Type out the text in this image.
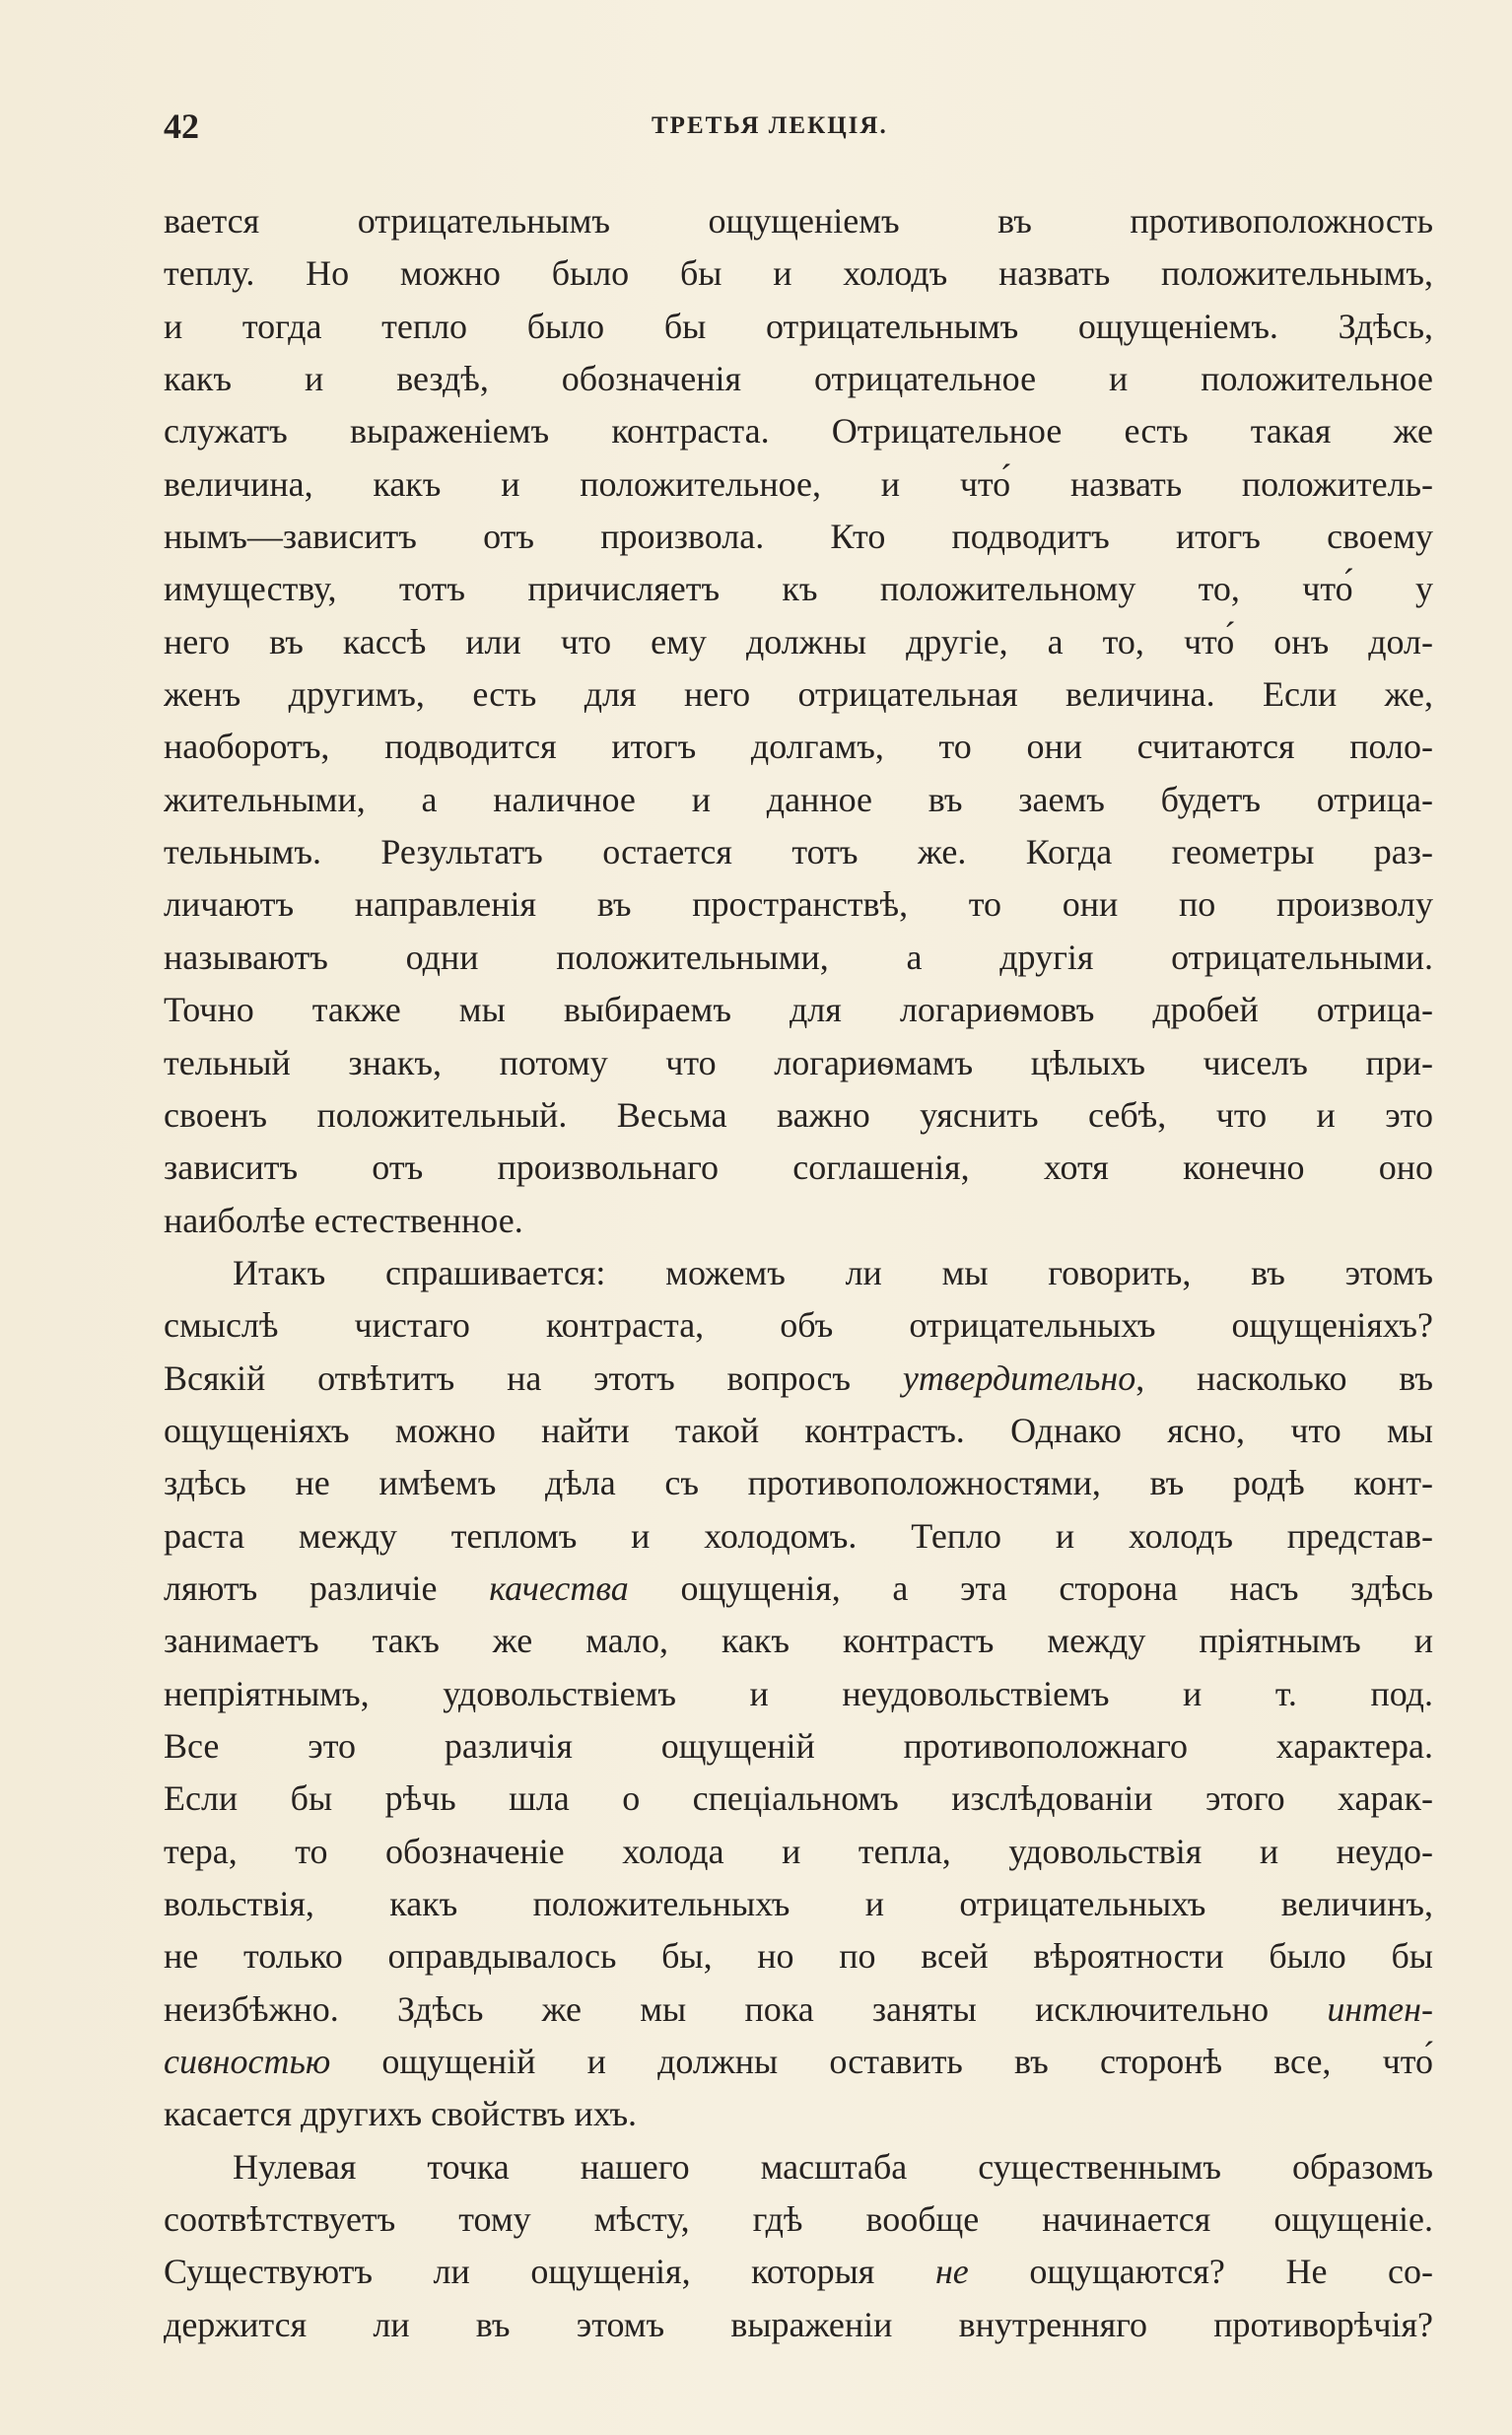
42	ТРЕТЬЯ ЛЕКЦІЯ.
вается отрицательнымъ ощущеніемъ въ противоположность
теплу. Но можно было бы и холодъ назвать положительнымъ,
и тогда тепло было бы отрицательнымъ ощущеніемъ. Здѣсь,
какъ и вездѣ, обозначенія отрицательное и положительное
служатъ выраженіемъ контраста. Отрицательное есть такая же
величина, какъ и положительное, и что́ назвать положитель-
нымъ—зависитъ отъ произвола. Кто подводитъ итогъ своему
имуществу, тотъ причисляетъ къ положительному то, что́ у
него въ кассѣ или что ему должны другіе, а то, что́ онъ дол-
женъ другимъ, есть для него отрицательная величина. Если же,
наоборотъ, подводится итогъ долгамъ, то они считаются поло-
жительными, а наличное и данное въ заемъ будетъ отрица-
тельнымъ. Результатъ остается тотъ же. Когда геометры раз-
личаютъ направленія въ пространствѣ, то они по произволу
называютъ одни положительными, а другія отрицательными.
Точно также мы выбираемъ для логариѳмовъ дробей отрица-
тельный знакъ, потому что логариѳмамъ цѣлыхъ чиселъ при-
своенъ положительный. Весьма важно уяснить себѣ, что и это
зависитъ отъ произвольнаго соглашенія, хотя конечно оно
наиболѣе естественное.
Итакъ спрашивается: можемъ ли мы говорить, въ этомъ
смыслѣ чистаго контраста, объ отрицательныхъ ощущеніяхъ?
Всякій отвѣтитъ на этотъ вопросъ утвердительно, насколько въ
ощущеніяхъ можно найти такой контрастъ. Однако ясно, что мы
здѣсь не имѣемъ дѣла съ противоположностями, въ родѣ конт-
раста между тепломъ и холодомъ. Тепло и холодъ представ-
ляютъ различіе качества ощущенія, а эта сторона насъ здѣсь
занимаетъ такъ же мало, какъ контрастъ между пріятнымъ и
непріятнымъ, удовольствіемъ и неудовольствіемъ и т. под.
Все это различія ощущеній противоположнаго характера.
Если бы рѣчь шла о спеціальномъ изслѣдованіи этого харак-
тера, то обозначеніе холода и тепла, удовольствія и неудо-
вольствія, какъ положительныхъ и отрицательныхъ величинъ,
не только оправдывалось бы, но по всей вѣроятности было бы
неизбѣжно. Здѣсь же мы пока заняты исключительно интен-
сивностью ощущеній и должны оставить въ сторонѣ все, что́
касается другихъ свойствъ ихъ.
Нулевая точка нашего масштаба существеннымъ образомъ
соотвѣтствуетъ тому мѣсту, гдѣ вообще начинается ощущеніе.
Существуютъ ли ощущенія, которыя не ощущаются? Не со-
держится ли въ этомъ выраженіи внутренняго противорѣчія?
